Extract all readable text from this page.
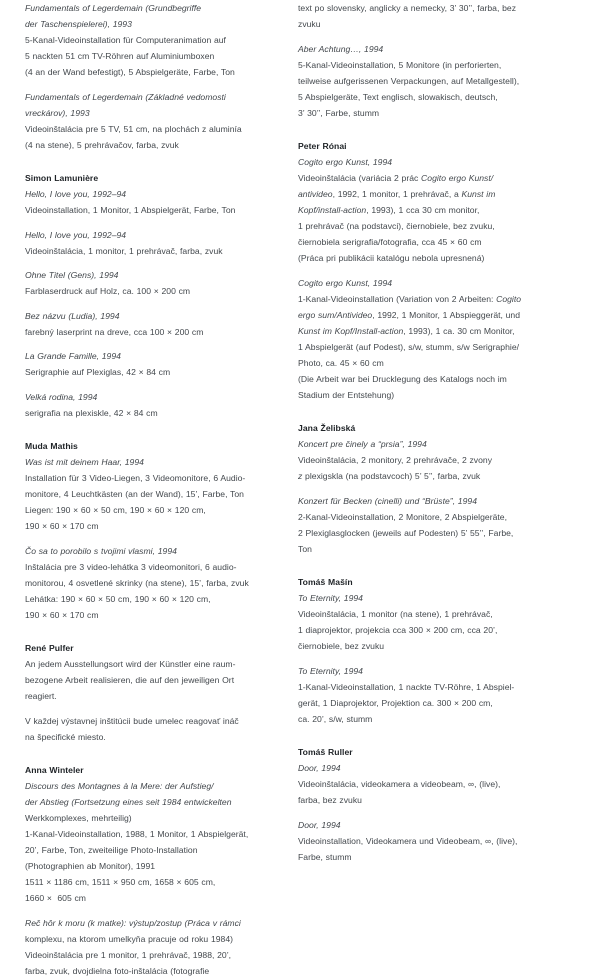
Fundamentals of Legerdemain (Grundbegriffe
der Taschenspielerei), 1993
5-Kanal-Videoinstallation für Computeranimation auf
5 nackten 51 cm TV-Röhren auf Aluminiumboxen
(4 an der Wand befestigt), 5 Abspielgeräte, Farbe, Ton
Fundamentals of Legerdemain (Základné vedomosti
vreckárov), 1993
Videoinštalácia pre 5 TV, 51 cm, na plochách z aluminía
(4 na stene), 5 prehrávačov, farba, zvuk
Simon Lamunière
Hello, I love you, 1992–94
Videoinstallation, 1 Monitor, 1 Abspielgerät, Farbe, Ton
Hello, I love you, 1992–94
Videoinštalácia, 1 monitor, 1 prehrávač, farba, zvuk
Ohne Titel (Gens), 1994
Farblaserdruck auf Holz, ca. 100 × 200 cm
Bez názvu (Ludia), 1994
farebný laserprint na dreve, cca 100 × 200 cm
La Grande Famille, 1994
Serigraphie auf Plexiglas, 42 × 84 cm
Velká rodina, 1994
serigrafia na plexiskle, 42 × 84 cm
Muda Mathis
Was ist mit deinem Haar, 1994
Installation für 3 Video-Liegen, 3 Videomonitore, 6 Audio-
monitore, 4 Leuchtkästen (an der Wand), 15’, Farbe, Ton
Liegen: 190 × 60 × 50 cm, 190 × 60 × 120 cm,
190 × 60 × 170 cm
Čo sa to porobilo s tvojimi vlasmi, 1994
Inštalácia pre 3 video-lehátka 3 videomonitori, 6 audio-
monitorou, 4 osvetlené skrinky (na stene), 15’, farba, zvuk
Lehátka: 190 × 60 × 50 cm, 190 × 60 × 120 cm,
190 × 60 × 170 cm
René Pulfer
An jedem Ausstellungsort wird der Künstler eine raum-
bezogene Arbeit realisieren, die auf den jeweiligen Ort
reagiert.
V každej výstavnej inštitúcii bude umelec reagovať ináč
na špecifické miesto.
Anna Winteler
Discours des Montagnes à la Mere: der Aufstieg/
der Abstieg (Fortsetzung eines seit 1984 entwickelten
Werkkomplexes, mehrteilig)
1-Kanal-Videoinstallation, 1988, 1 Monitor, 1 Abspielgerät,
20’, Farbe, Ton, zweiteilige Photo-Installation
(Photographien ab Monitor), 1991
1511 × 1186 cm, 1511 × 950 cm, 1658 × 605 cm,
1660 ×  605 cm
Reč hôr k moru (k matke): výstup/zostup (Práca v rámci
komplexu, na ktorom umelkyňa pracuje od roku 1984)
Videoinštalácia pre 1 monitor, 1 prehrávač, 1988, 20’,
farba, zvuk, dvojdielna foto-inštalácia (fotografie
text po slovensky, anglicky a nemecky, 3’ 30’’, farba, bez
zvuku
Aber Achtung…, 1994
5-Kanal-Videoinstallation, 5 Monitore (in perforierten,
teilweise aufgerissenen Verpackungen, auf Metallgestell),
5 Abspielgeräte, Text englisch, slowakisch, deutsch,
3’ 30’’, Farbe, stumm
Peter Rónai
Cogito ergo Kunst, 1994
Videoinštalácia (variácia 2 prác Cogito ergo Kunst/
antivideo, 1992, 1 monitor, 1 prehrávač, a Kunst im
Kopf/install-action, 1993), 1 cca 30 cm monitor,
1 prehrávač (na podstavci), čiernobiele, bez zvuku,
čiernobiela serigrafia/fotografia, cca 45 × 60 cm
(Práca pri publikácii katalógu nebola upresnená)
Cogito ergo Kunst, 1994
1-Kanal-Videoinstallation (Variation von 2 Arbeiten: Cogito
ergo sum/Antivideo, 1992, 1 Monitor, 1 Abspieggerät, und
Kunst im Kopf/Install-action, 1993), 1 ca. 30 cm Monitor,
1 Abspielgerät (auf Podest), s/w, stumm, s/w Serigraphie/
Photo, ca. 45 × 60 cm
(Die Arbeit war bei Drucklegung des Katalogs noch im
Stadium der Entstehung)
Jana Želibská
Koncert pre činely a “prsia”, 1994
Videoinštalácia, 2 monitory, 2 prehrávače, 2 zvony
z plexigskla (na podstavcoch) 5’ 5’’, farba, zvuk
Konzert für Becken (cinelli) und “Brüste”, 1994
2-Kanal-Videoinstallation, 2 Monitore, 2 Abspielgeräte,
2 Plexiglasglocken (jeweils auf Podesten) 5’ 55’’, Farbe,
Ton
Tomáš Mašín
To Eternity, 1994
Videoinštalácia, 1 monitor (na stene), 1 prehrávač,
1 diaprojektor, projekcia cca 300 × 200 cm, cca 20’,
čiernobiele, bez zvuku
To Eternity, 1994
1-Kanal-Videoinstallation, 1 nackte TV-Röhre, 1 Abspiel-
gerät, 1 Diaprojektor, Projektion ca. 300 × 200 cm,
ca. 20’, s/w, stumm
Tomáš Ruller
Door, 1994
Videoinštalácia, videokamera a videobeam, ∞, (live),
farba, bez zvuku
Door, 1994
Videoinstallation, Videokamera und Videobeam, ∞, (live),
Farbe, stumm
